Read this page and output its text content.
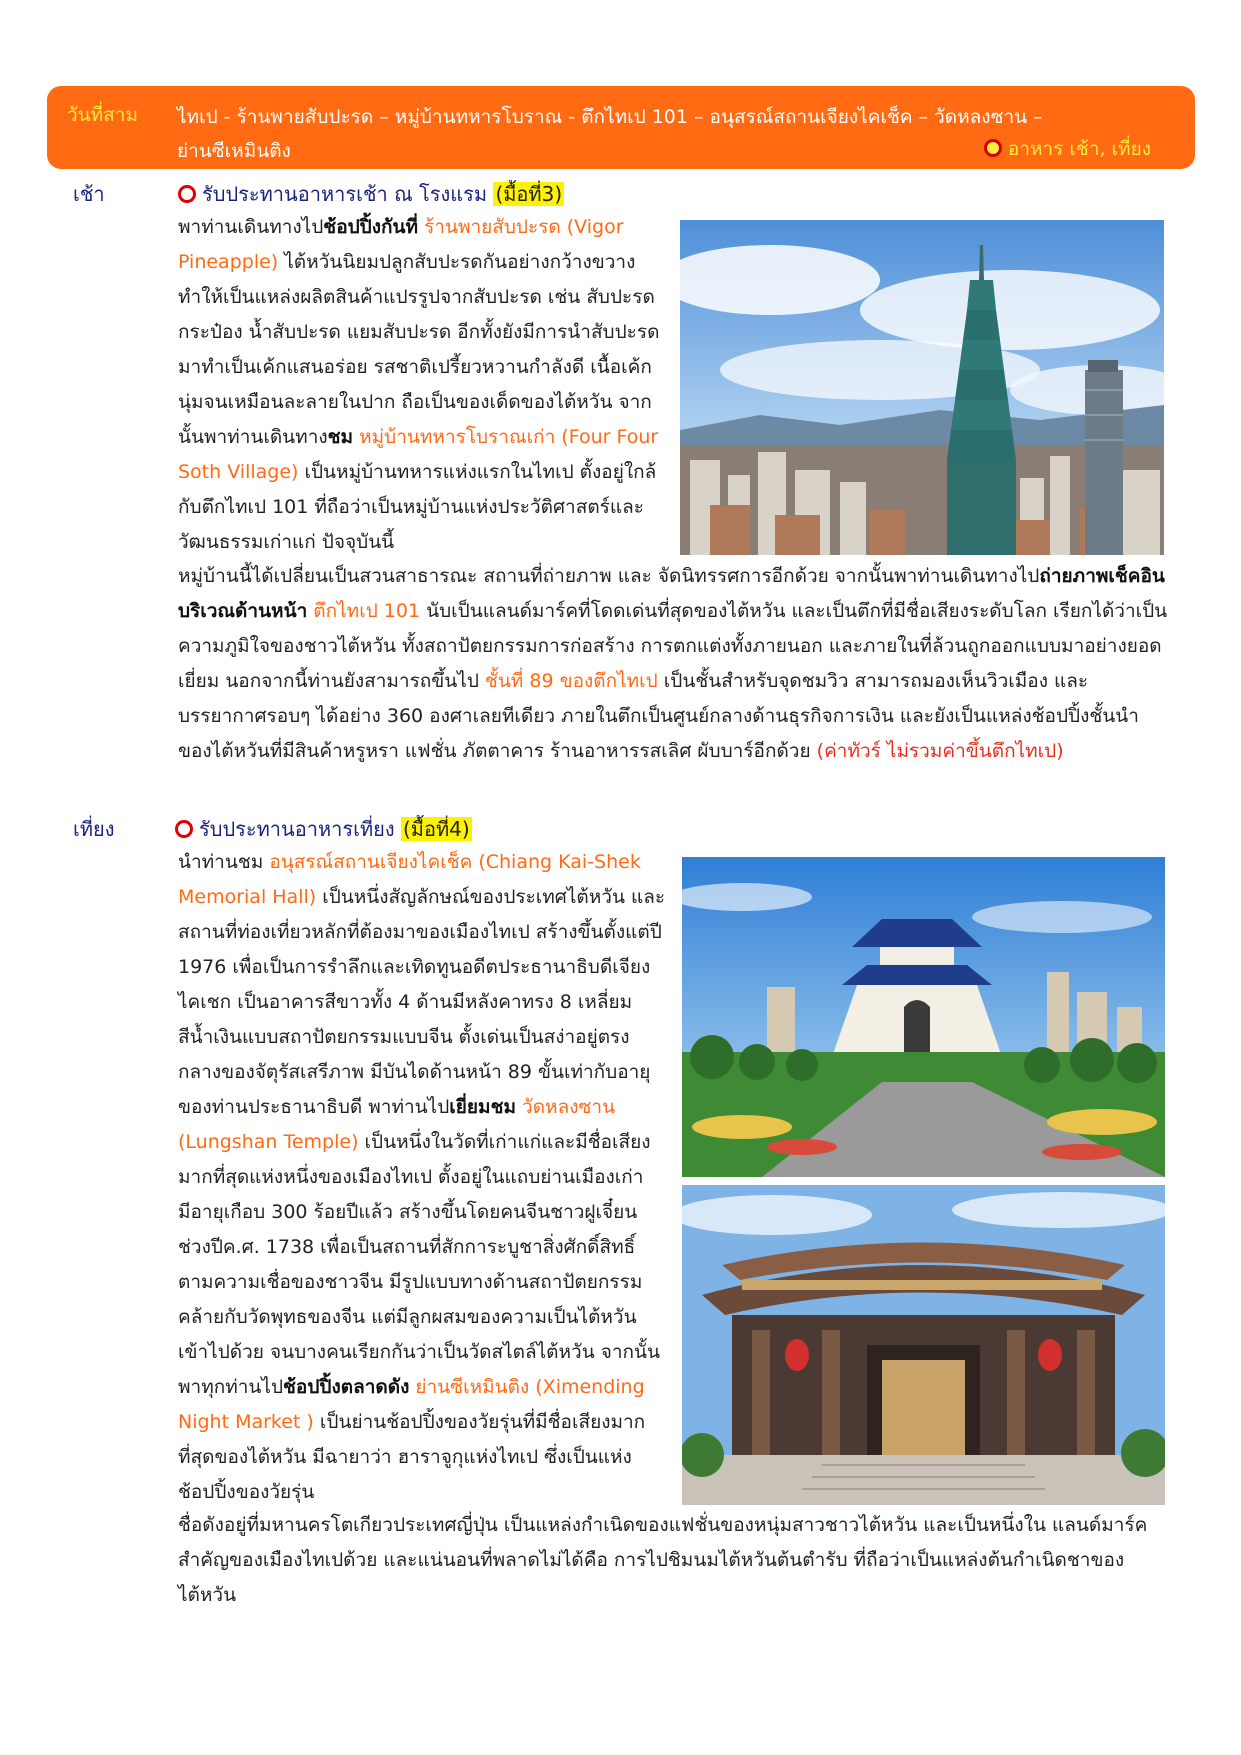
วันที่สาม ไทเป - ร้านพายสับปะรด – หมู่บ้านทหารโบราณ - ตึกไทเป 101 – อนุสรณ์สถานเจียงไคเช็ค – วัดหลงซาน –
ย่านซีเหมินติง	อาหาร เช้า, เที่ยง
เช้า	รับประทานอาหารเช้า ณ โรงแรม (มื้อที่3)
พาท่านเดินทางไปช้อปปิ้งกันที่ ร้านพายสับปะรด (Vigor Pineapple) ไต้หวันนิยมปลูกสับปะรดกันอย่างกว้างขวาง ทำให้เป็นแหล่งผลิตสินค้าแปรรูปจากสับปะรด เช่น สับปะรดกระป๋อง น้ำสับปะรด แยมสับปะรด อีกทั้งยังมีการนำสับปะรดมาทำเป็นเค้กแสนอร่อย รสชาติเปรี้ยวหวานกำลังดี เนื้อเค้กนุ่มจนเหมือนละลายในปาก ถือเป็นของเด็ดของไต้หวัน จากนั้นพาท่านเดินทางชม หมู่บ้านทหารโบราณเก่า (Four Four Soth Village) เป็นหมู่บ้านทหารแห่งแรกในไทเป ตั้งอยู่ใกล้กับตึกไทเป 101 ที่ถือว่าเป็นหมู่บ้านแห่งประวัติศาสตร์และวัฒนธรรมเก่าแก่ ปัจจุบันนี้
หมู่บ้านนี้ได้เปลี่ยนเป็นสวนสาธารณะ สถานที่ถ่ายภาพ และ จัดนิทรรศการอีกด้วย จากนั้นพาท่านเดินทางไปถ่ายภาพเช็คอินบริเวณด้านหน้า ตึกไทเป 101 นับเป็นแลนด์มาร์คที่โดดเด่นที่สุดของไต้หวัน และเป็นตึกที่มีชื่อเสียงระดับโลก เรียกได้ว่าเป็นความภูมิใจของชาวไต้หวัน ทั้งสถาปัตยกรรมการก่อสร้าง การตกแต่งทั้งภายนอก และภายในที่ล้วนถูกออกแบบมาอย่างยอดเยี่ยม นอกจากนี้ท่านยังสามารถขึ้นไป ชั้นที่ 89 ของตึกไทเป เป็นชั้นสำหรับจุดชมวิว สามารถมองเห็นวิวเมือง และบรรยากาศรอบๆ ได้อย่าง 360 องศาเลยทีเดียว ภายในตึกเป็นศูนย์กลางด้านธุรกิจการเงิน และยังเป็นแหล่งช้อปปิ้งชั้นนำของไต้หวันที่มีสินค้าหรูหรา แฟชั่น ภัตตาคาร ร้านอาหารรสเลิศ ผับบาร์อีกด้วย (ค่าทัวร์ ไม่รวมค่าขึ้นตึกไทเป)
เที่ยง	รับประทานอาหารเที่ยง (มื้อที่4)
นำท่านชม อนุสรณ์สถานเจียงไคเช็ค (Chiang Kai-Shek Memorial Hall) เป็นหนึ่งสัญลักษณ์ของประเทศไต้หวัน และสถานที่ท่องเที่ยวหลักที่ต้องมาของเมืองไทเป สร้างขึ้นตั้งแต่ปี 1976 เพื่อเป็นการรำลึกและเทิดทูนอดีตประธานาธิบดีเจียง ไคเชก เป็นอาคารสีขาวทั้ง 4 ด้านมีหลังคาทรง 8 เหลี่ยมสีน้ำเงินแบบสถาปัตยกรรมแบบจีน ตั้งเด่นเป็นสง่าอยู่ตรงกลางของจัตุรัสเสรีภาพ มีบันไดด้านหน้า 89 ขั้นเท่ากับอายุของท่านประธานาธิบดี พาท่านไปเยี่ยมชม วัดหลงซาน (Lungshan Temple) เป็นหนึ่งในวัดที่เก่าแก่และมีชื่อเสียงมากที่สุดแห่งหนึ่งของเมืองไทเป ตั้งอยู่ในแถบย่านเมืองเก่า มีอายุเกือบ 300 ร้อยปีแล้ว สร้างขึ้นโดยคนจีนชาวฝูเจี๋ยนช่วงปีค.ศ. 1738 เพื่อเป็นสถานที่สักการะบูชาสิ่งศักดิ์สิทธิ์ตามความเชื่อของชาวจีน มีรูปแบบทางด้านสถาปัตยกรรมคล้ายกับวัดพุทธของจีน แต่มีลูกผสมของความเป็นไต้หวันเข้าไปด้วย จนบางคนเรียกกันว่าเป็นวัดสไตล์ไต้หวัน จากนั้นพาทุกท่านไปช้อปปิ้งตลาดดัง ย่านซีเหมินติง (Ximending Night Market ) เป็นย่านช้อปปิ้งของวัยรุ่นที่มีชื่อเสียงมากที่สุดของไต้หวัน มีฉายาว่า ฮาราจูกุแห่งไทเป ซึ่งเป็นแห่งช้อปปิ้งของวัยรุ่น
ชื่อดังอยู่ที่มหานครโตเกียวประเทศญี่ปุ่น เป็นแหล่งกำเนิดของแฟชั่นของหนุ่มสาวชาวไต้หวัน และเป็นหนึ่งใน แลนด์มาร์ค สำคัญของเมืองไทเปด้วย และแน่นอนที่พลาดไม่ได้คือ การไปชิมนมไต้หวันต้นตำรับ ที่ถือว่าเป็นแหล่งต้นกำเนิดชาของไต้หวัน
